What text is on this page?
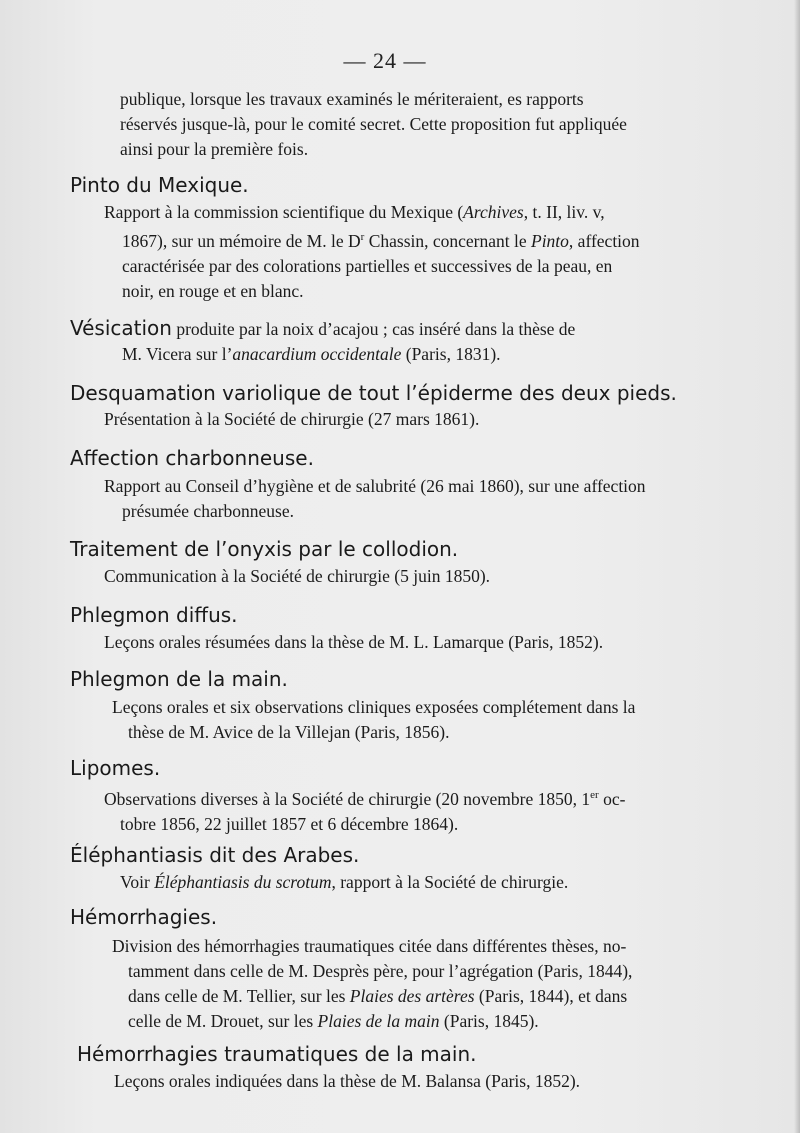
— 24 —
publique, lorsque les travaux examinés le mériteraient, es rapports
réservés jusque-là, pour le comité secret. Cette proposition fut appliquée
ainsi pour la première fois.
Pinto du Mexique.
Rapport à la commission scientifique du Mexique (Archives, t. II, liv. v,
1867), sur un mémoire de M. le $D^r$ Chassin, concernant le Pinto, affection
caractérisée par des colorations partielles et successives de la peau, en
noir, en rouge et en blanc.
Vésication produite par la noix d’acajou ; cas inséré dans la thèse de
M. Vicera sur l’anacardium occidentale (Paris, 1831).
Desquamation variolique de tout l’épiderme des deux pieds.
Présentation à la Société de chirurgie (27 mars 1861).
Affection charbonneuse.
Rapport au Conseil d’hygiène et de salubrité (26 mai 1860), sur une affection
présumée charbonneuse.
Traitement de l’onyxis par le collodion.
Communication à la Société de chirurgie (5 juin 1850).
Phlegmon diffus.
Leçons orales résumées dans la thèse de M. L. Lamarque (Paris, 1852).
Phlegmon de la main.
Leçons orales et six observations cliniques exposées complétement dans la
thèse de M. Avice de la Villejan (Paris, 1856).
Lipomes.
Observations diverses à la Société de chirurgie (20 novembre 1850, 1er oc-
tobre 1856, 22 juillet 1857 et 6 décembre 1864).
Éléphantiasis dit des Arabes.
Voir Éléphantiasis du scrotum, rapport à la Société de chirurgie.
Hémorrhagies.
Division des hémorrhagies traumatiques citée dans différentes thèses, no-
tamment dans celle de M. Desprès père, pour l’agrégation (Paris, 1844),
dans celle de M. Tellier, sur les Plaies des artères (Paris, 1844), et dans
celle de M. Drouet, sur les Plaies de la main (Paris, 1845).
Hémorrhagies traumatiques de la main.
Leçons orales indiquées dans la thèse de M. Balansa (Paris, 1852).
